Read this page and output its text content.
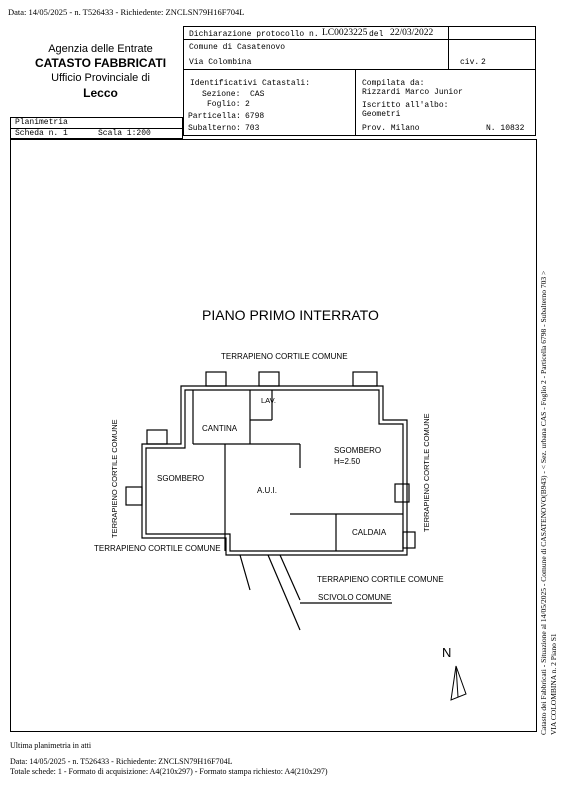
Data: 14/05/2025 - n. T526433 - Richiedente: ZNCLSN79H16F704L
Agenzia delle Entrate
CATASTO FABBRICATI
Ufficio Provinciale di
Lecco
Dichiarazione protocollo n. LC0023225 del 22/03/2022
Comune di Casatenovo
Via Colombina	civ. 2
Identificativi Catastali:
Sezione: CAS
Foglio: 2
Particella: 6798
Subalterno: 703
Compilata da:
Rizzardi Marco Junior
Iscritto all'albo:
Geometri
Prov. Milano	N. 10832
Planimetria
Scheda n. 1	Scala 1:200
PIANO PRIMO INTERRATO
TERRAPIENO CORTILE COMUNE
LAV.
CANTINA
SGOMBERO
H=2.50
SGOMBERO
A.U.I.
CALDAIA
TERRAPIENO CORTILE COMUNE
TERRAPIENO CORTILE COMUNE
SCIVOLO COMUNE
N
TERRAPIENO CORTILE COMUNE	TERRAPIENO CORTILE COMUNE	Catasto dei Fabbricati - Situazione al 14/05/2025 - Comune di CASATENOVO(B943) - < Sez. urbana CAS - Foglio 2 - Particella 6798 - Subalterno 703 > VIA COLOMBINA n. 2 Piano S1
Ultima planimetria in atti
Data: 14/05/2025 - n. T526433 - Richiedente: ZNCLSN79H16F704L
Totale schede: 1 - Formato di acquisizione: A4(210x297) - Formato stampa richiesto: A4(210x297)
